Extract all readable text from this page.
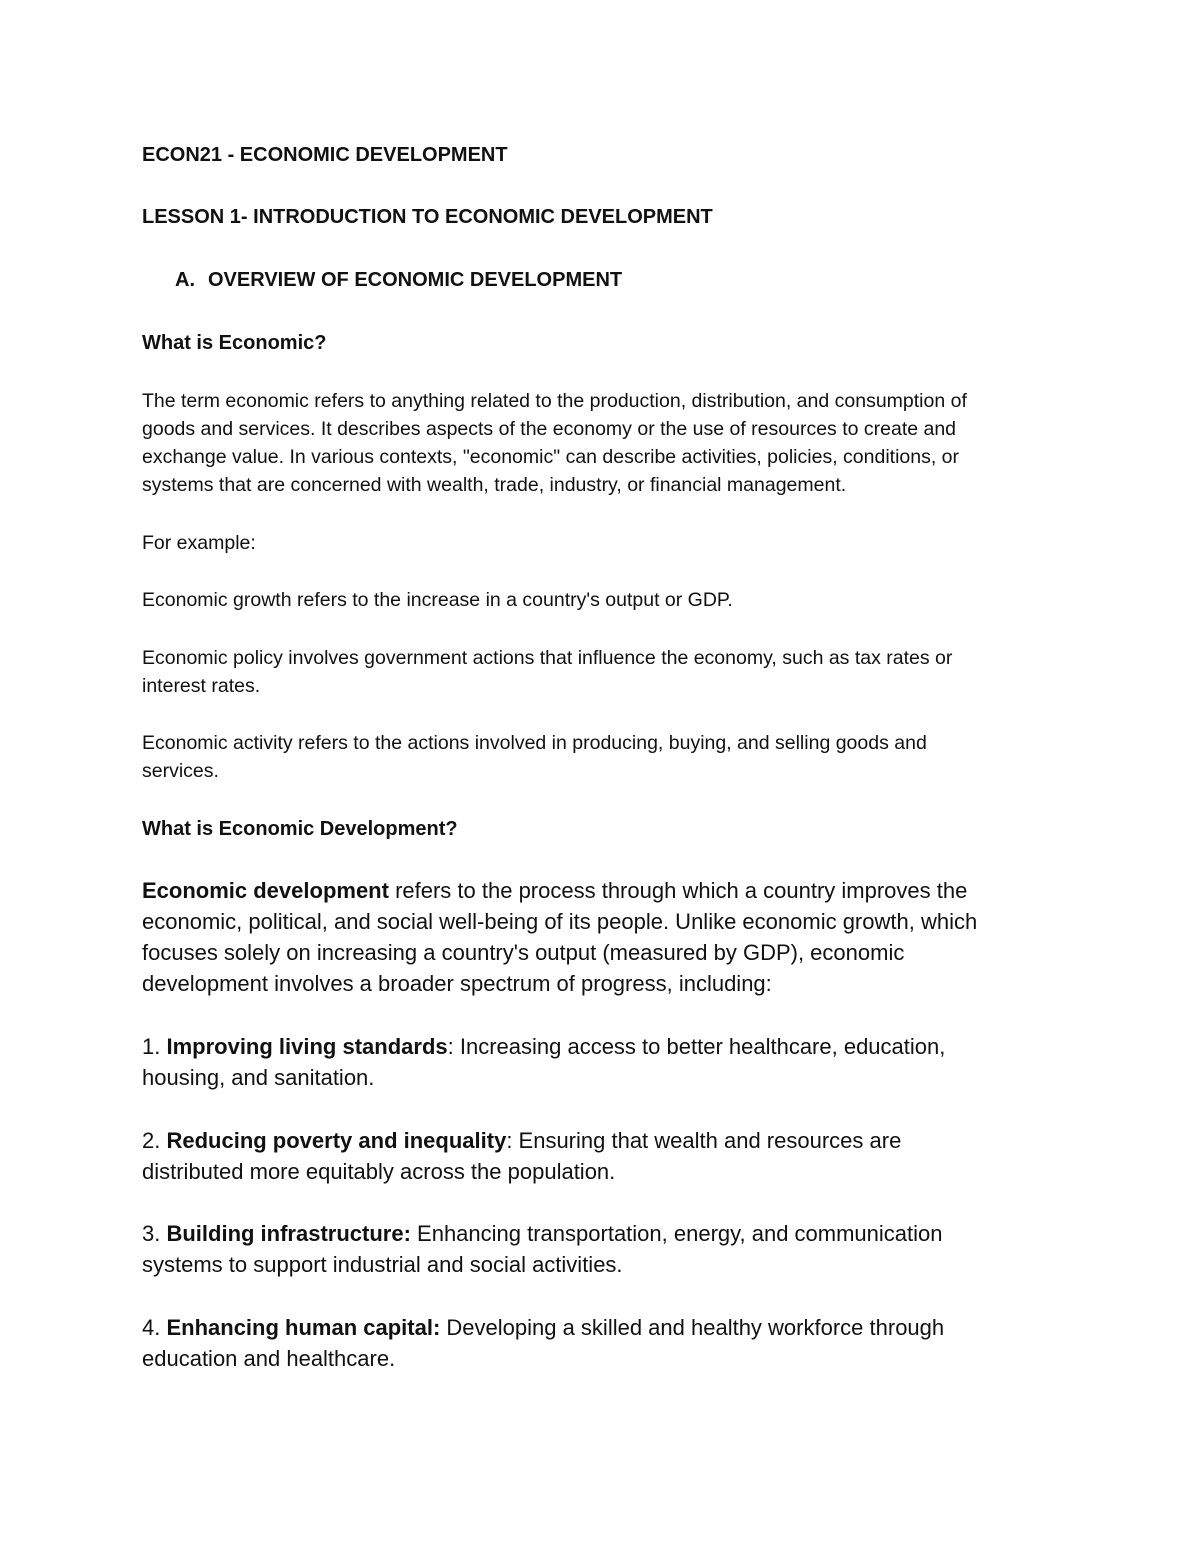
ECON21 - ECONOMIC DEVELOPMENT

LESSON 1- INTRODUCTION TO ECONOMIC DEVELOPMENT

A. OVERVIEW OF ECONOMIC DEVELOPMENT

What is Economic?

The term economic refers to anything related to the production, distribution, and consumption of

goods and services. It describes aspects of the economy or the use of resources to create and

exchange value. In various contexts, "economic" can describe activities, policies, conditions, or

systems that are concerned with wealth, trade, industry, or financial management.

For example:

Economic growth refers to the increase in a country's output or GDP.

Economic policy involves government actions that influence the economy, such as tax rates or

interest rates.

Economic activity refers to the actions involved in producing, buying, and selling goods and

services.

What is Economic Development?

Economic development refers to the process through which a country improves the

economic, political, and social well-being of its people. Unlike economic growth, which

focuses solely on increasing a country's output (measured by GDP), economic

development involves a broader spectrum of progress, including:

1. Improving living standards: Increasing access to better healthcare, education,

housing, and sanitation.

2. Reducing poverty and inequality: Ensuring that wealth and resources are

distributed more equitably across the population.

3. Building infrastructure: Enhancing transportation, energy, and communication

systems to support industrial and social activities.

4. Enhancing human capital: Developing a skilled and healthy workforce through

education and healthcare.
